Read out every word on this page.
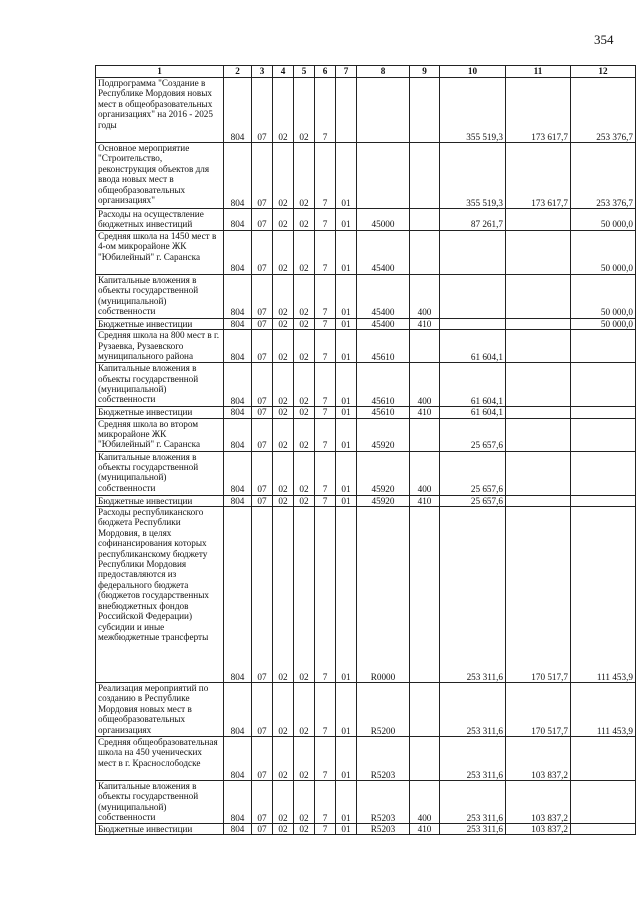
354
1	2	3	4	5	6	7	8	9	10	11	12
Подпрограмма "Создание в Республике Мордовия новых мест в общеобразовательных организациях" на 2016 - 2025 годы	804	07	02	02	7				355 519,3	173 617,7	253 376,7
Основное мероприятие "Строительство, реконструкция объектов для ввода новых мест в общеобразовательных организациях"	804	07	02	02	7	01			355 519,3	173 617,7	253 376,7
Расходы на осуществление бюджетных инвестиций	804	07	02	02	7	01	45000		87 261,7		50 000,0
Средняя школа на 1450 мест в 4-ом микрорайоне ЖК "Юбилейный" г. Саранска	804	07	02	02	7	01	45400				50 000,0
Капитальные вложения в объекты государственной (муниципальной) собственности	804	07	02	02	7	01	45400	400			50 000,0
Бюджетные инвестиции	804	07	02	02	7	01	45400	410			50 000,0
Средняя школа на 800 мест в г. Рузаевка, Рузаевского муниципального района	804	07	02	02	7	01	45610		61 604,1		
Капитальные вложения в объекты государственной (муниципальной) собственности	804	07	02	02	7	01	45610	400	61 604,1		
Бюджетные инвестиции	804	07	02	02	7	01	45610	410	61 604,1		
Средняя школа во втором микрорайоне ЖК "Юбилейный" г. Саранска	804	07	02	02	7	01	45920		25 657,6		
Капитальные вложения в объекты государственной (муниципальной) собственности	804	07	02	02	7	01	45920	400	25 657,6		
Бюджетные инвестиции	804	07	02	02	7	01	45920	410	25 657,6		
Расходы республиканского бюджета Республики Мордовия, в целях софинансирования которых республиканскому бюджету Республики Мордовия предоставляются из федерального бюджета (бюджетов государственных внебюджетных фондов Российской Федерации) субсидии и иные межбюджетные трансферты	804	07	02	02	7	01	R0000		253 311,6	170 517,7	111 453,9
Реализация мероприятий по созданию в Республике Мордовия новых мест в общеобразовательных организациях	804	07	02	02	7	01	R5200		253 311,6	170 517,7	111 453,9
Средняя общеобразовательная школа на 450 ученических мест в г. Краснослободске	804	07	02	02	7	01	R5203		253 311,6	103 837,2	
Капитальные вложения в объекты государственной (муниципальной) собственности	804	07	02	02	7	01	R5203	400	253 311,6	103 837,2	
Бюджетные инвестиции	804	07	02	02	7	01	R5203	410	253 311,6	103 837,2	
